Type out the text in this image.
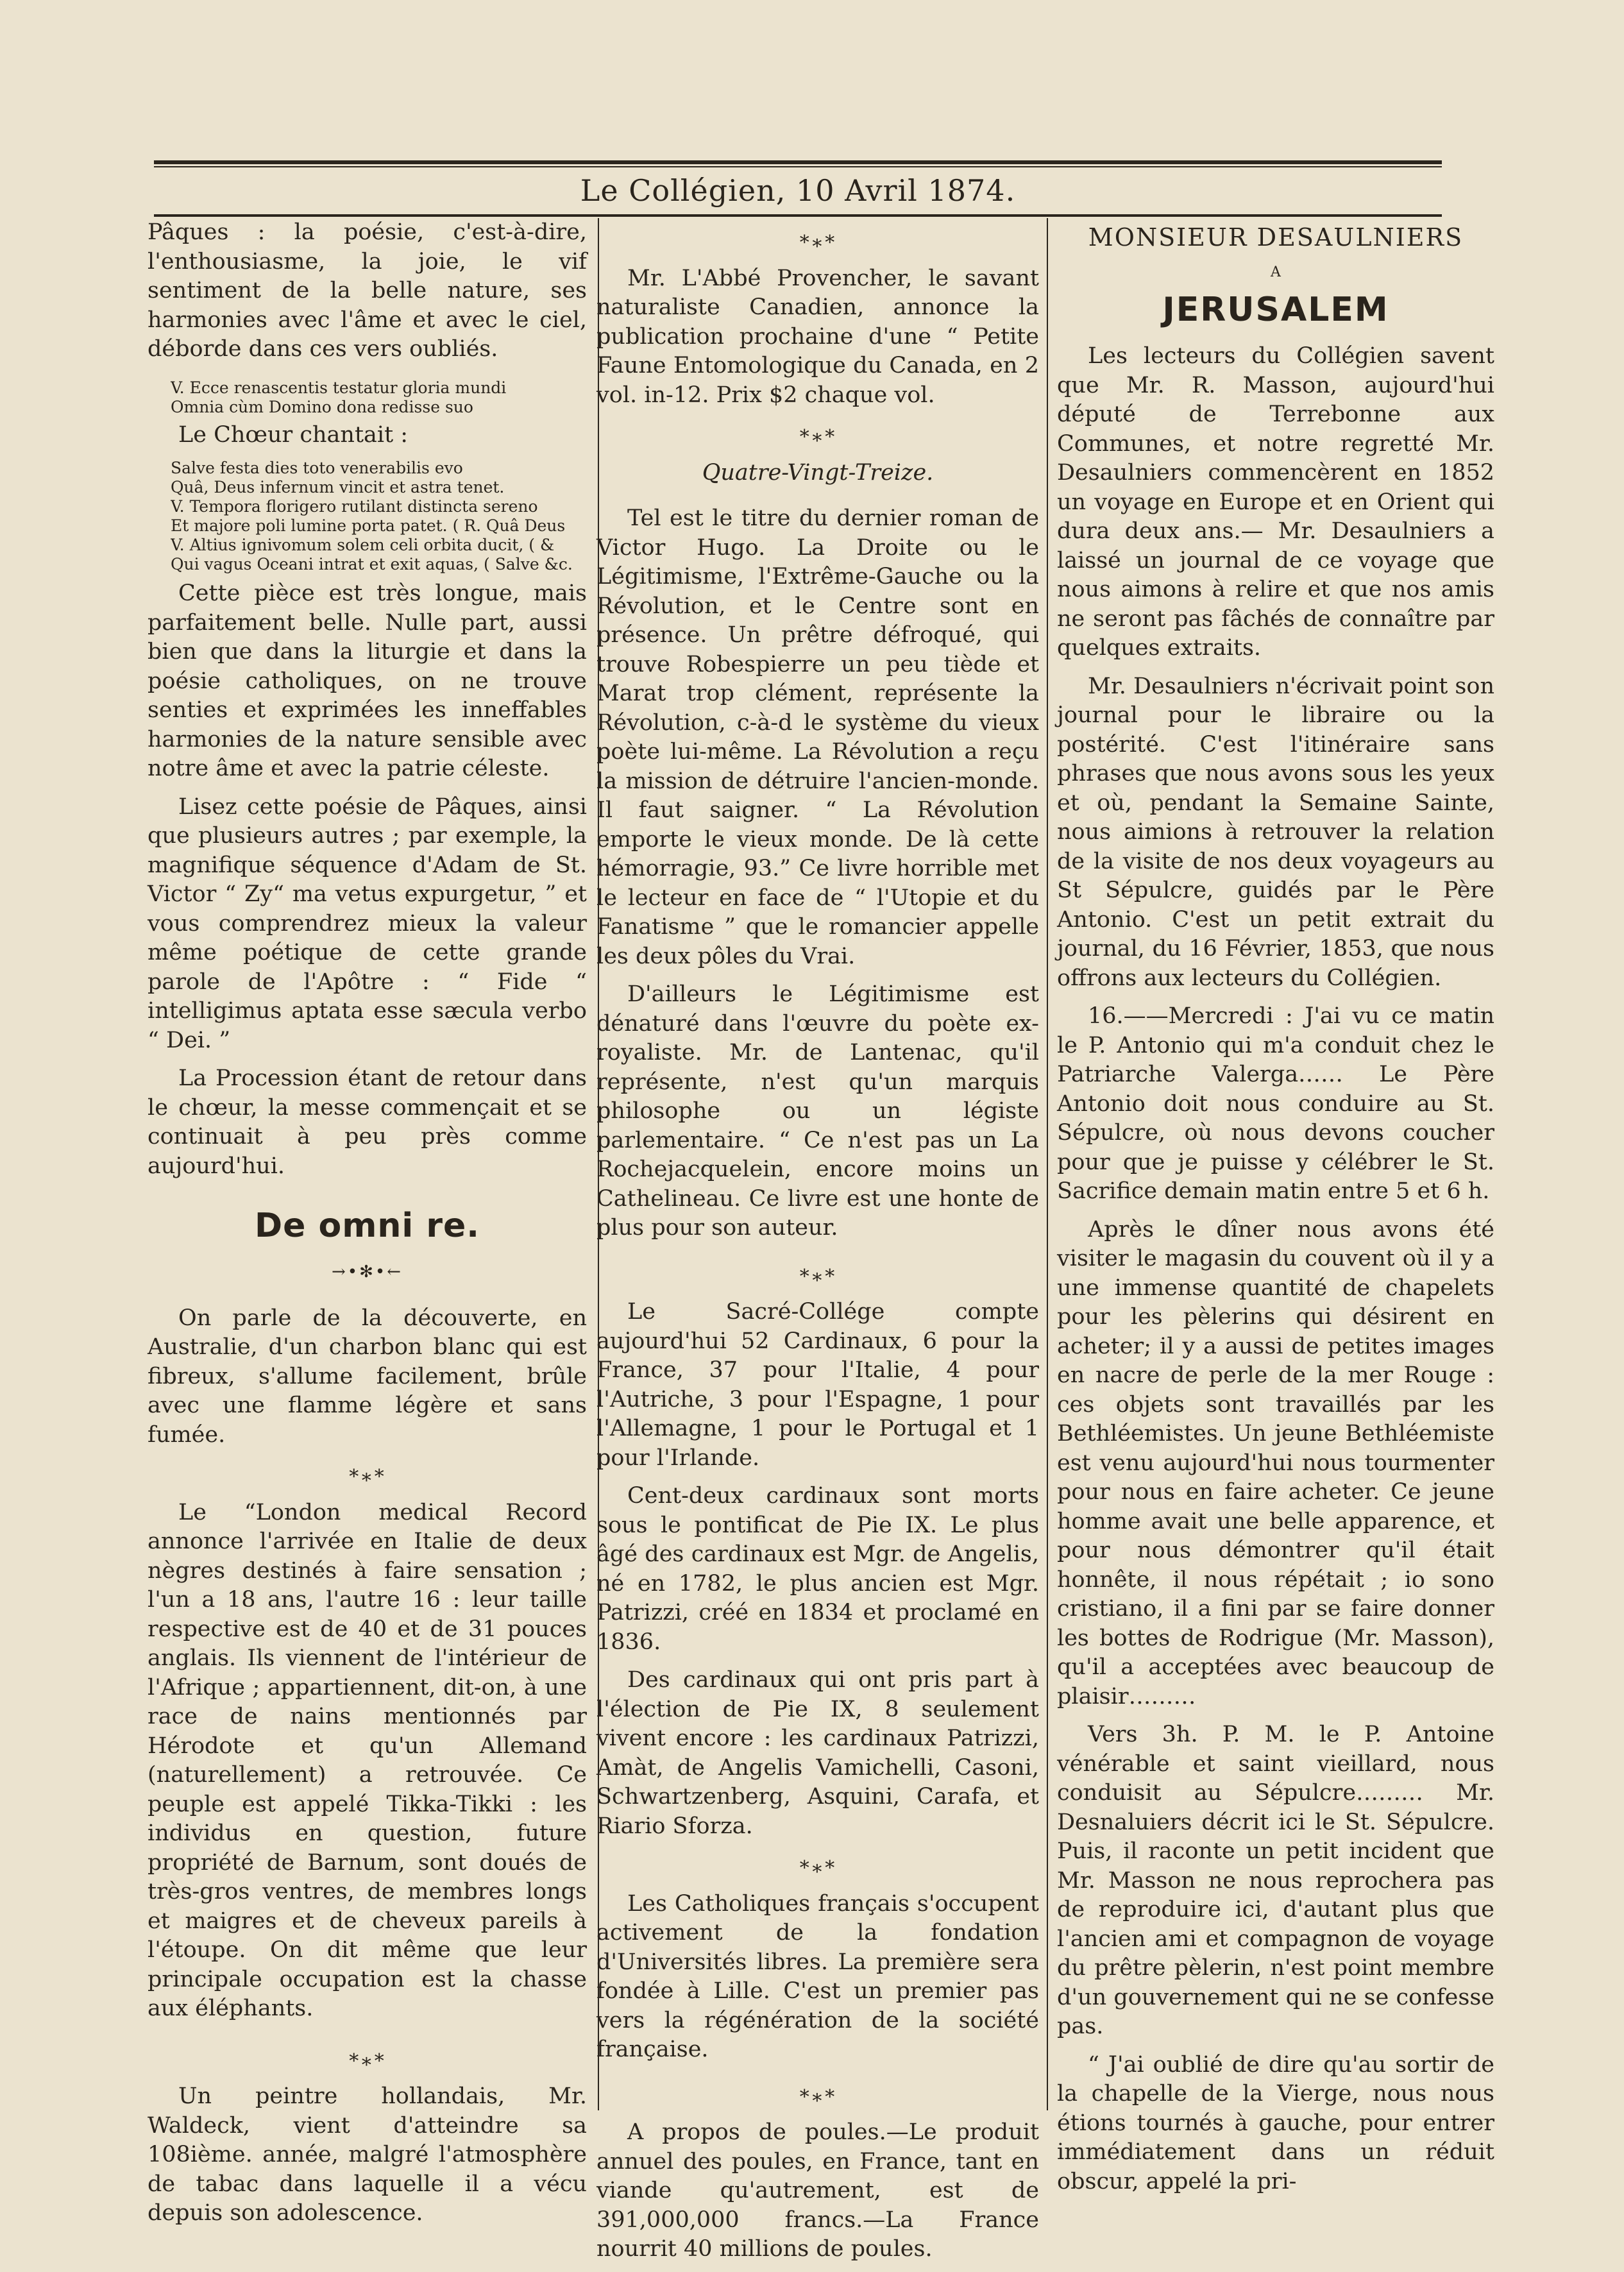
Le Collégien, 10 Avril 1874.

Pâques : la poésie, c'est-à-dire, l'enthousiasme, la joie, le vif sentiment de la belle nature, ses harmonies avec l'âme et avec le ciel, déborde dans ces vers oubliés.

V. Ecce renascentis testatur gloria mundi
Omnia cùm Domino dona redisse suo

Le Chœur chantait :

Salve festa dies toto venerabilis evo
Quâ, Deus infernum vincit et astra tenet.
V. Tempora florigero rutilant distincta sereno
Et majore poli lumine porta patet. ( R. Quâ Deus
V. Altius ignivomum solem celi orbita ducit, ( &
Qui vagus Oceani intrat et exit aquas, ( Salve &c.

Cette pièce est très longue, mais parfaitement belle. Nulle part, aussi bien que dans la liturgie et dans la poésie catholiques, on ne trouve senties et exprimées les inneffables harmonies de la nature sensible avec notre âme et avec la patrie céleste.

Lisez cette poésie de Pâques, ainsi que plusieurs autres ; par exemple, la magnifique séquence d'Adam de St. Victor “ Zy“ ma vetus expurgetur, ” et vous comprendrez mieux la valeur même poétique de cette grande parole de l'Apôtre : “ Fide “ intelligimus aptata esse sæcula verbo “ Dei. ”

La Procession étant de retour dans le chœur, la messe commençait et se continuait à peu près comme aujourd'hui.

De omni re.
→•✻•←

On parle de la découverte, en Australie, d'un charbon blanc qui est fibreux, s'allume facilement, brûle avec une flamme légère et sans fumée.

*∗*

Le “London medical Record annonce l'arrivée en Italie de deux nègres destinés à faire sensation ; l'un a 18 ans, l'autre 16 : leur taille respective est de 40 et de 31 pouces anglais. Ils viennent de l'intérieur de l'Afrique ; appartiennent, dit-on, à une race de nains mentionnés par Hérodote et qu'un Allemand (naturellement) a retrouvée. Ce peuple est appelé Tikka-Tikki : les individus en question, future propriété de Barnum, sont doués de très-gros ventres, de membres longs et maigres et de cheveux pareils à l'étoupe. On dit même que leur principale occupation est la chasse aux éléphants.

*∗*

Un peintre hollandais, Mr. Waldeck, vient d'atteindre sa 108ième. année, malgré l'atmosphère de tabac dans laquelle il a vécu depuis son adolescence.

*∗*

Mr. L'Abbé Provencher, le savant naturaliste Canadien, annonce la publication prochaine d'une “ Petite Faune Entomologique du Canada, en 2 vol. in-12. Prix $2 chaque vol.

*∗*
Quatre-Vingt-Treize.

Tel est le titre du dernier roman de Victor Hugo. La Droite ou le Légitimisme, l'Extrême-Gauche ou la Révolution, et le Centre sont en présence. Un prêtre défroqué, qui trouve Robespierre un peu tiède et Marat trop clément, représente la Révolution, c-à-d le système du vieux poète lui-même. La Révolution a reçu la mission de détruire l'ancien-monde. Il faut saigner. “ La Révolution emporte le vieux monde. De là cette hémorragie, 93.” Ce livre horrible met le lecteur en face de “ l'Utopie et du Fanatisme ” que le romancier appelle les deux pôles du Vrai.

D'ailleurs le Légitimisme est dénaturé dans l'œuvre du poète ex-royaliste. Mr. de Lantenac, qu'il représente, n'est qu'un marquis philosophe ou un légiste parlementaire. “ Ce n'est pas un La Rochejacquelein, encore moins un Cathelineau. Ce livre est une honte de plus pour son auteur.

*∗*

Le Sacré-Collége compte aujourd'hui 52 Cardinaux, 6 pour la France, 37 pour l'Italie, 4 pour l'Autriche, 3 pour l'Espagne, 1 pour l'Allemagne, 1 pour le Portugal et 1 pour l'Irlande.

Cent-deux cardinaux sont morts sous le pontificat de Pie IX. Le plus âgé des cardinaux est Mgr. de Angelis, né en 1782, le plus ancien est Mgr. Patrizzi, créé en 1834 et proclamé en 1836.

Des cardinaux qui ont pris part à l'élection de Pie IX, 8 seulement vivent encore : les cardinaux Patrizzi, Amàt, de Angelis Vamichelli, Casoni, Schwartzenberg, Asquini, Carafa, et Riario Sforza.

*∗*

Les Catholiques français s'occupent activement de la fondation d'Universités libres. La première sera fondée à Lille. C'est un premier pas vers la régénération de la société française.

*∗*

A propos de poules.—Le produit annuel des poules, en France, tant en viande qu'autrement, est de 391,000,000 francs.—La France nourrit 40 millions de poules.

MONSIEUR DESAULNIERS
A
JERUSALEM

Les lecteurs du Collégien savent que Mr. R. Masson, aujourd'hui député de Terrebonne aux Communes, et notre regretté Mr. Desaulniers commencèrent en 1852 un voyage en Europe et en Orient qui dura deux ans.— Mr. Desaulniers a laissé un journal de ce voyage que nous aimons à relire et que nos amis ne seront pas fâchés de connaître par quelques extraits.

Mr. Desaulniers n'écrivait point son journal pour le libraire ou la postérité. C'est l'itinéraire sans phrases que nous avons sous les yeux et où, pendant la Semaine Sainte, nous aimions à retrouver la relation de la visite de nos deux voyageurs au St Sépulcre, guidés par le Père Antonio. C'est un petit extrait du journal, du 16 Février, 1853, que nous offrons aux lecteurs du Collégien.

16.——Mercredi : J'ai vu ce matin le P. Antonio qui m'a conduit chez le Patriarche Valerga…… Le Père Antonio doit nous conduire au St. Sépulcre, où nous devons coucher pour que je puisse y célébrer le St. Sacrifice demain matin entre 5 et 6 h.

Après le dîner nous avons été visiter le magasin du couvent où il y a une immense quantité de chapelets pour les pèlerins qui désirent en acheter; il y a aussi de petites images en nacre de perle de la mer Rouge : ces objets sont travaillés par les Bethléemistes. Un jeune Bethléemiste est venu aujourd'hui nous tourmenter pour nous en faire acheter. Ce jeune homme avait une belle apparence, et pour nous démontrer qu'il était honnête, il nous répétait ; io sono cristiano, il a fini par se faire donner les bottes de Rodrigue (Mr. Masson), qu'il a acceptées avec beaucoup de plaisir………

Vers 3h. P. M. le P. Antoine vénérable et saint vieillard, nous conduisit au Sépulcre……… Mr. Desnaluiers décrit ici le St. Sépulcre. Puis, il raconte un petit incident que Mr. Masson ne nous reprochera pas de reproduire ici, d'autant plus que l'ancien ami et compagnon de voyage du prêtre pèlerin, n'est point membre d'un gouvernement qui ne se confesse pas.

“ J'ai oublié de dire qu'au sortir de la chapelle de la Vierge, nous nous étions tournés à gauche, pour entrer immédiatement dans un réduit obscur, appelé la pri-
